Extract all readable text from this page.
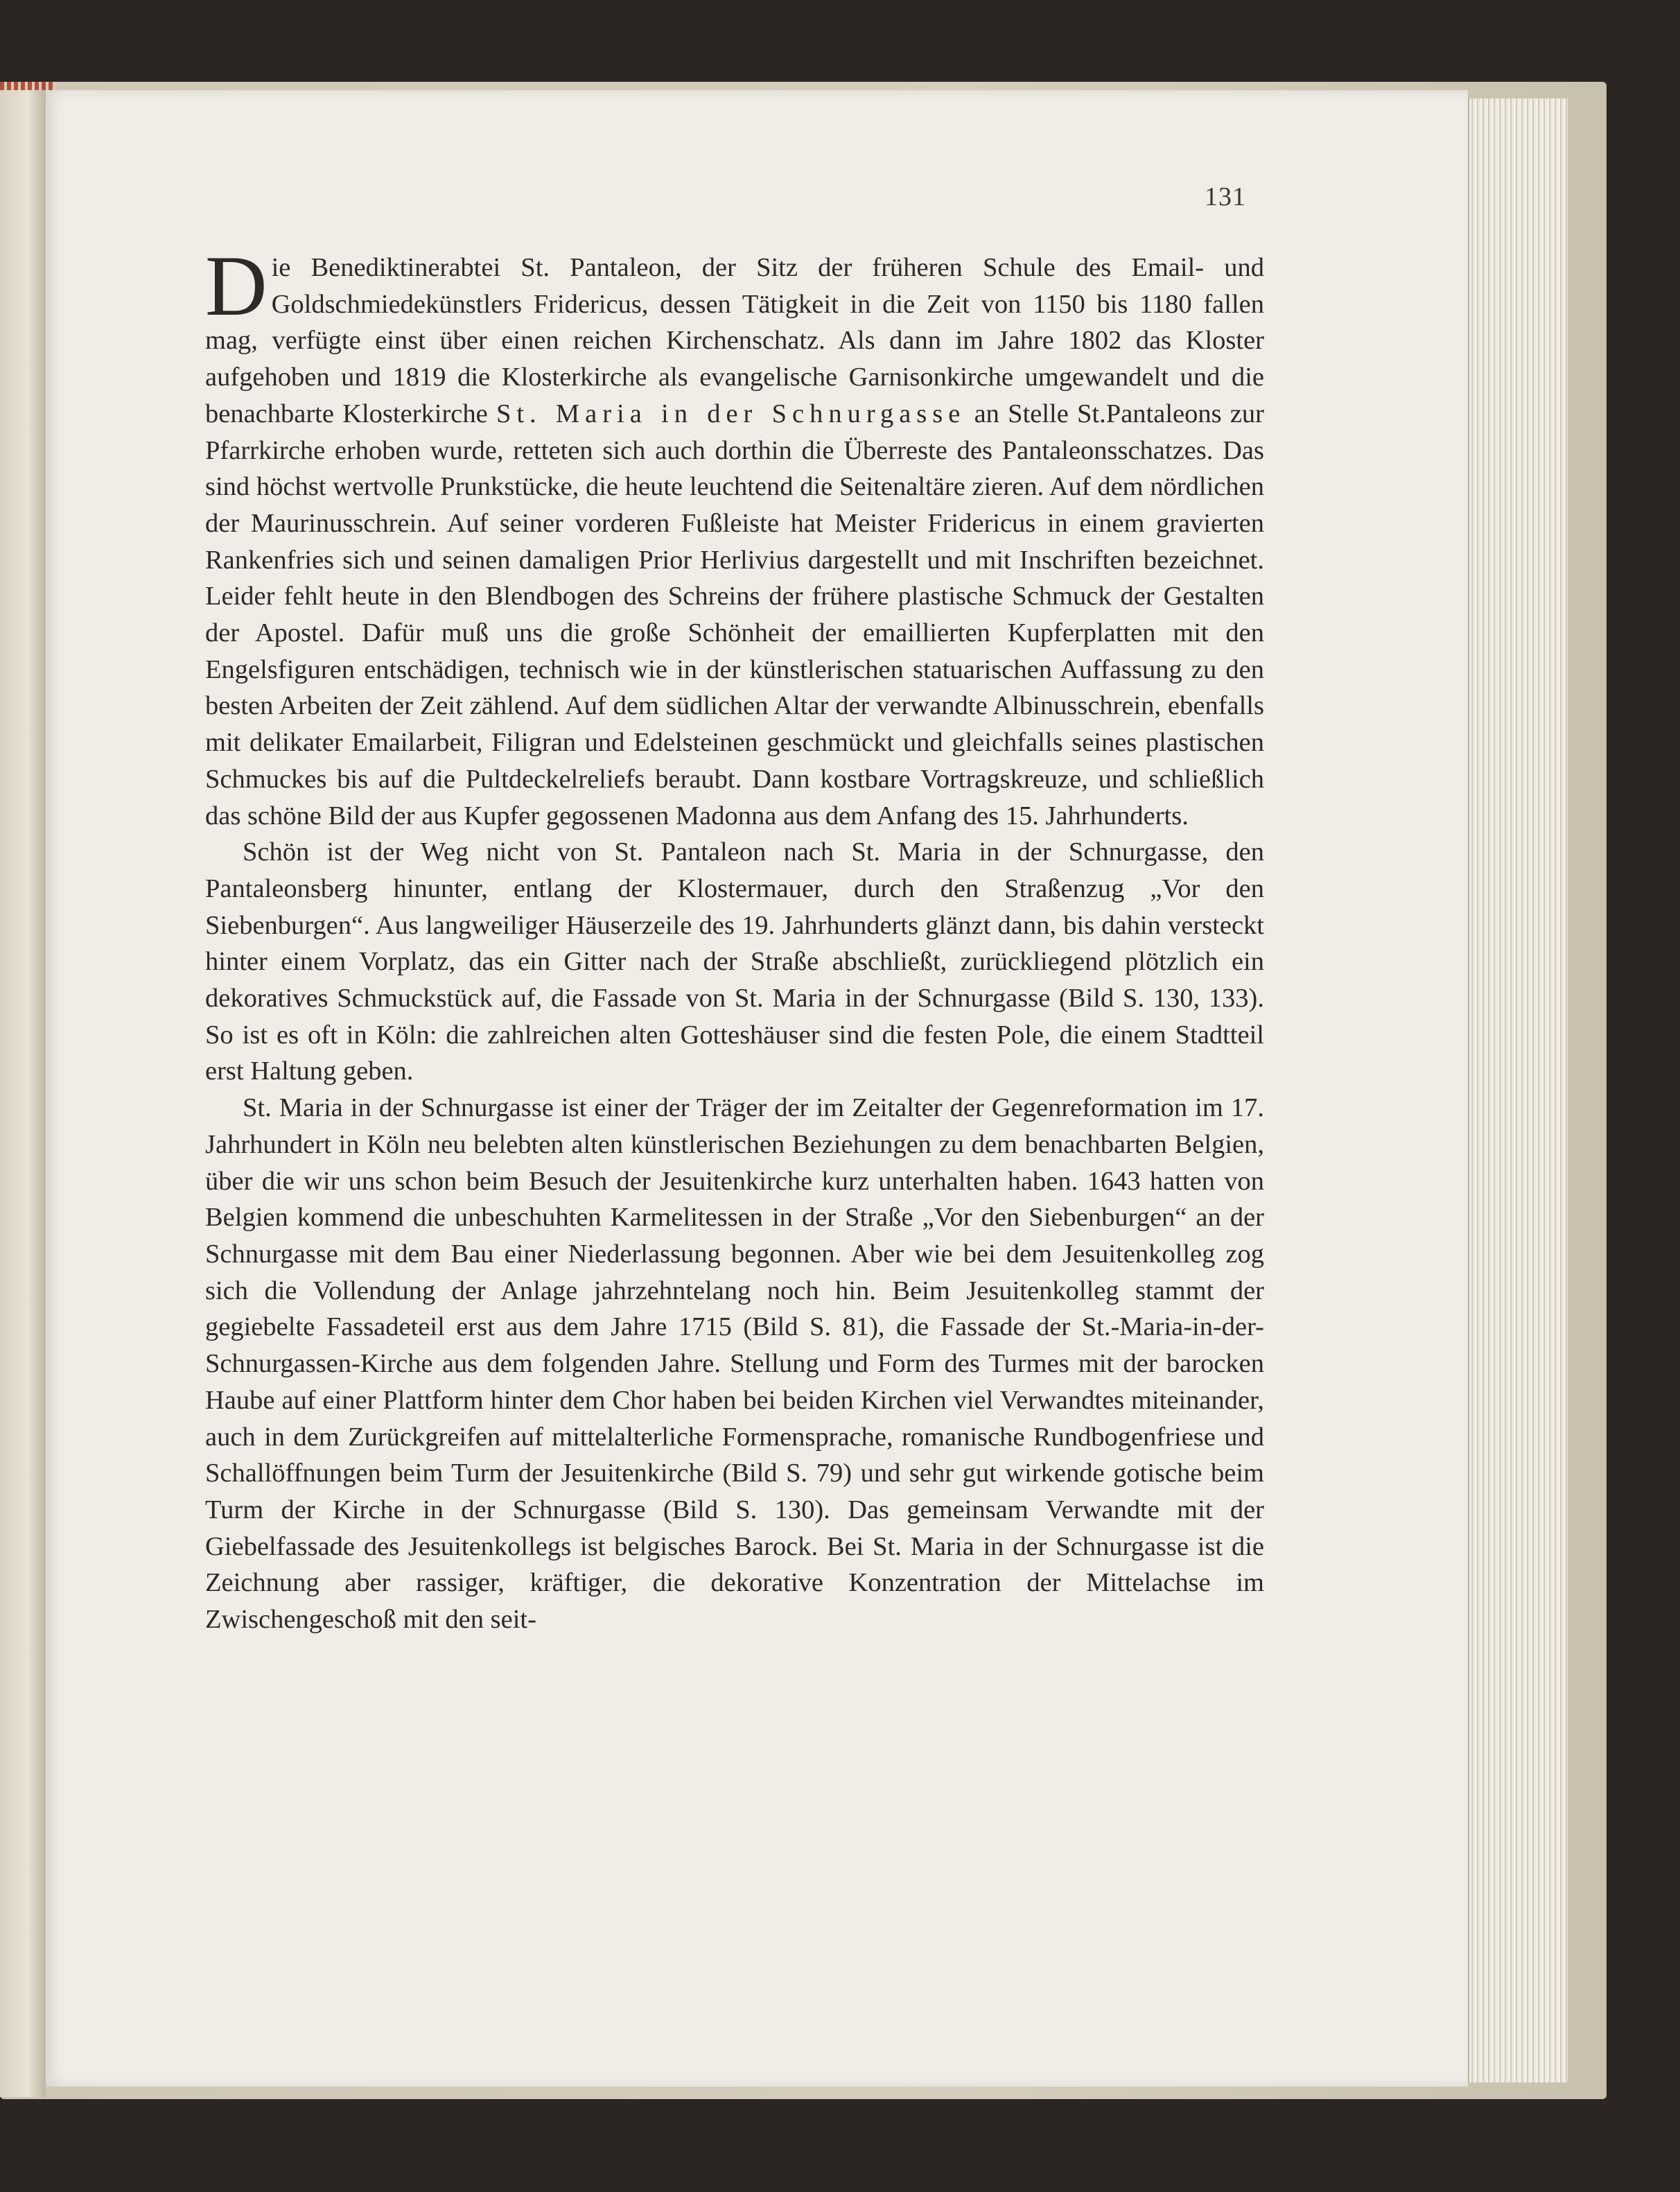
131

Die Benediktinerabtei St. Pantaleon, der Sitz der früheren Schule des Email- und Goldschmiedekünstlers Fridericus, dessen Tätigkeit in die Zeit von 1150 bis 1180 fallen mag, verfügte einst über einen reichen Kirchenschatz. Als dann im Jahre 1802 das Kloster aufgehoben und 1819 die Klosterkirche als evangelische Garnisonkirche umgewandelt und die benachbarte Klosterkirche St. Maria in der Schnurgasse an Stelle St.Pantaleons zur Pfarrkirche erhoben wurde, retteten sich auch dorthin die Überreste des Pantaleonsschatzes. Das sind höchst wertvolle Prunkstücke, die heute leuchtend die Seitenaltäre zieren. Auf dem nördlichen der Maurinusschrein. Auf seiner vorderen Fußleiste hat Meister Fridericus in einem gravierten Rankenfries sich und seinen damaligen Prior Herlivius dargestellt und mit Inschriften bezeichnet. Leider fehlt heute in den Blendbogen des Schreins der frühere plastische Schmuck der Gestalten der Apostel. Dafür muß uns die große Schönheit der emaillierten Kupferplatten mit den Engelsfiguren entschädigen, technisch wie in der künstlerischen statuarischen Auffassung zu den besten Arbeiten der Zeit zählend. Auf dem südlichen Altar der verwandte Albinusschrein, ebenfalls mit delikater Emailarbeit, Filigran und Edelsteinen geschmückt und gleichfalls seines plastischen Schmuckes bis auf die Pultdeckelreliefs beraubt. Dann kostbare Vortragskreuze, und schließlich das schöne Bild der aus Kupfer gegossenen Madonna aus dem Anfang des 15. Jahrhunderts.

Schön ist der Weg nicht von St. Pantaleon nach St. Maria in der Schnurgasse, den Pantaleonsberg hinunter, entlang der Klostermauer, durch den Straßenzug „Vor den Siebenburgen“. Aus langweiliger Häuserzeile des 19. Jahrhunderts glänzt dann, bis dahin versteckt hinter einem Vorplatz, das ein Gitter nach der Straße abschließt, zurückliegend plötzlich ein dekoratives Schmuckstück auf, die Fassade von St. Maria in der Schnurgasse (Bild S. 130, 133). So ist es oft in Köln: die zahlreichen alten Gotteshäuser sind die festen Pole, die einem Stadtteil erst Haltung geben.

St. Maria in der Schnurgasse ist einer der Träger der im Zeitalter der Gegenreformation im 17. Jahrhundert in Köln neu belebten alten künstlerischen Beziehungen zu dem benachbarten Belgien, über die wir uns schon beim Besuch der Jesuitenkirche kurz unterhalten haben. 1643 hatten von Belgien kommend die unbeschuhten Karmelitessen in der Straße „Vor den Siebenburgen“ an der Schnurgasse mit dem Bau einer Niederlassung begonnen. Aber wie bei dem Jesuitenkolleg zog sich die Vollendung der Anlage jahrzehntelang noch hin. Beim Jesuitenkolleg stammt der gegiebelte Fassadeteil erst aus dem Jahre 1715 (Bild S. 81), die Fassade der St.-Maria-in-der-Schnurgassen-Kirche aus dem folgenden Jahre. Stellung und Form des Turmes mit der barocken Haube auf einer Plattform hinter dem Chor haben bei beiden Kirchen viel Verwandtes miteinander, auch in dem Zurückgreifen auf mittelalterliche Formensprache, romanische Rundbogenfriese und Schallöffnungen beim Turm der Jesuitenkirche (Bild S. 79) und sehr gut wirkende gotische beim Turm der Kirche in der Schnurgasse (Bild S. 130). Das gemeinsam Verwandte mit der Giebelfassade des Jesuitenkollegs ist belgisches Barock. Bei St. Maria in der Schnurgasse ist die Zeichnung aber rassiger, kräftiger, die dekorative Konzentration der Mittelachse im Zwischengeschoß mit den seit-
